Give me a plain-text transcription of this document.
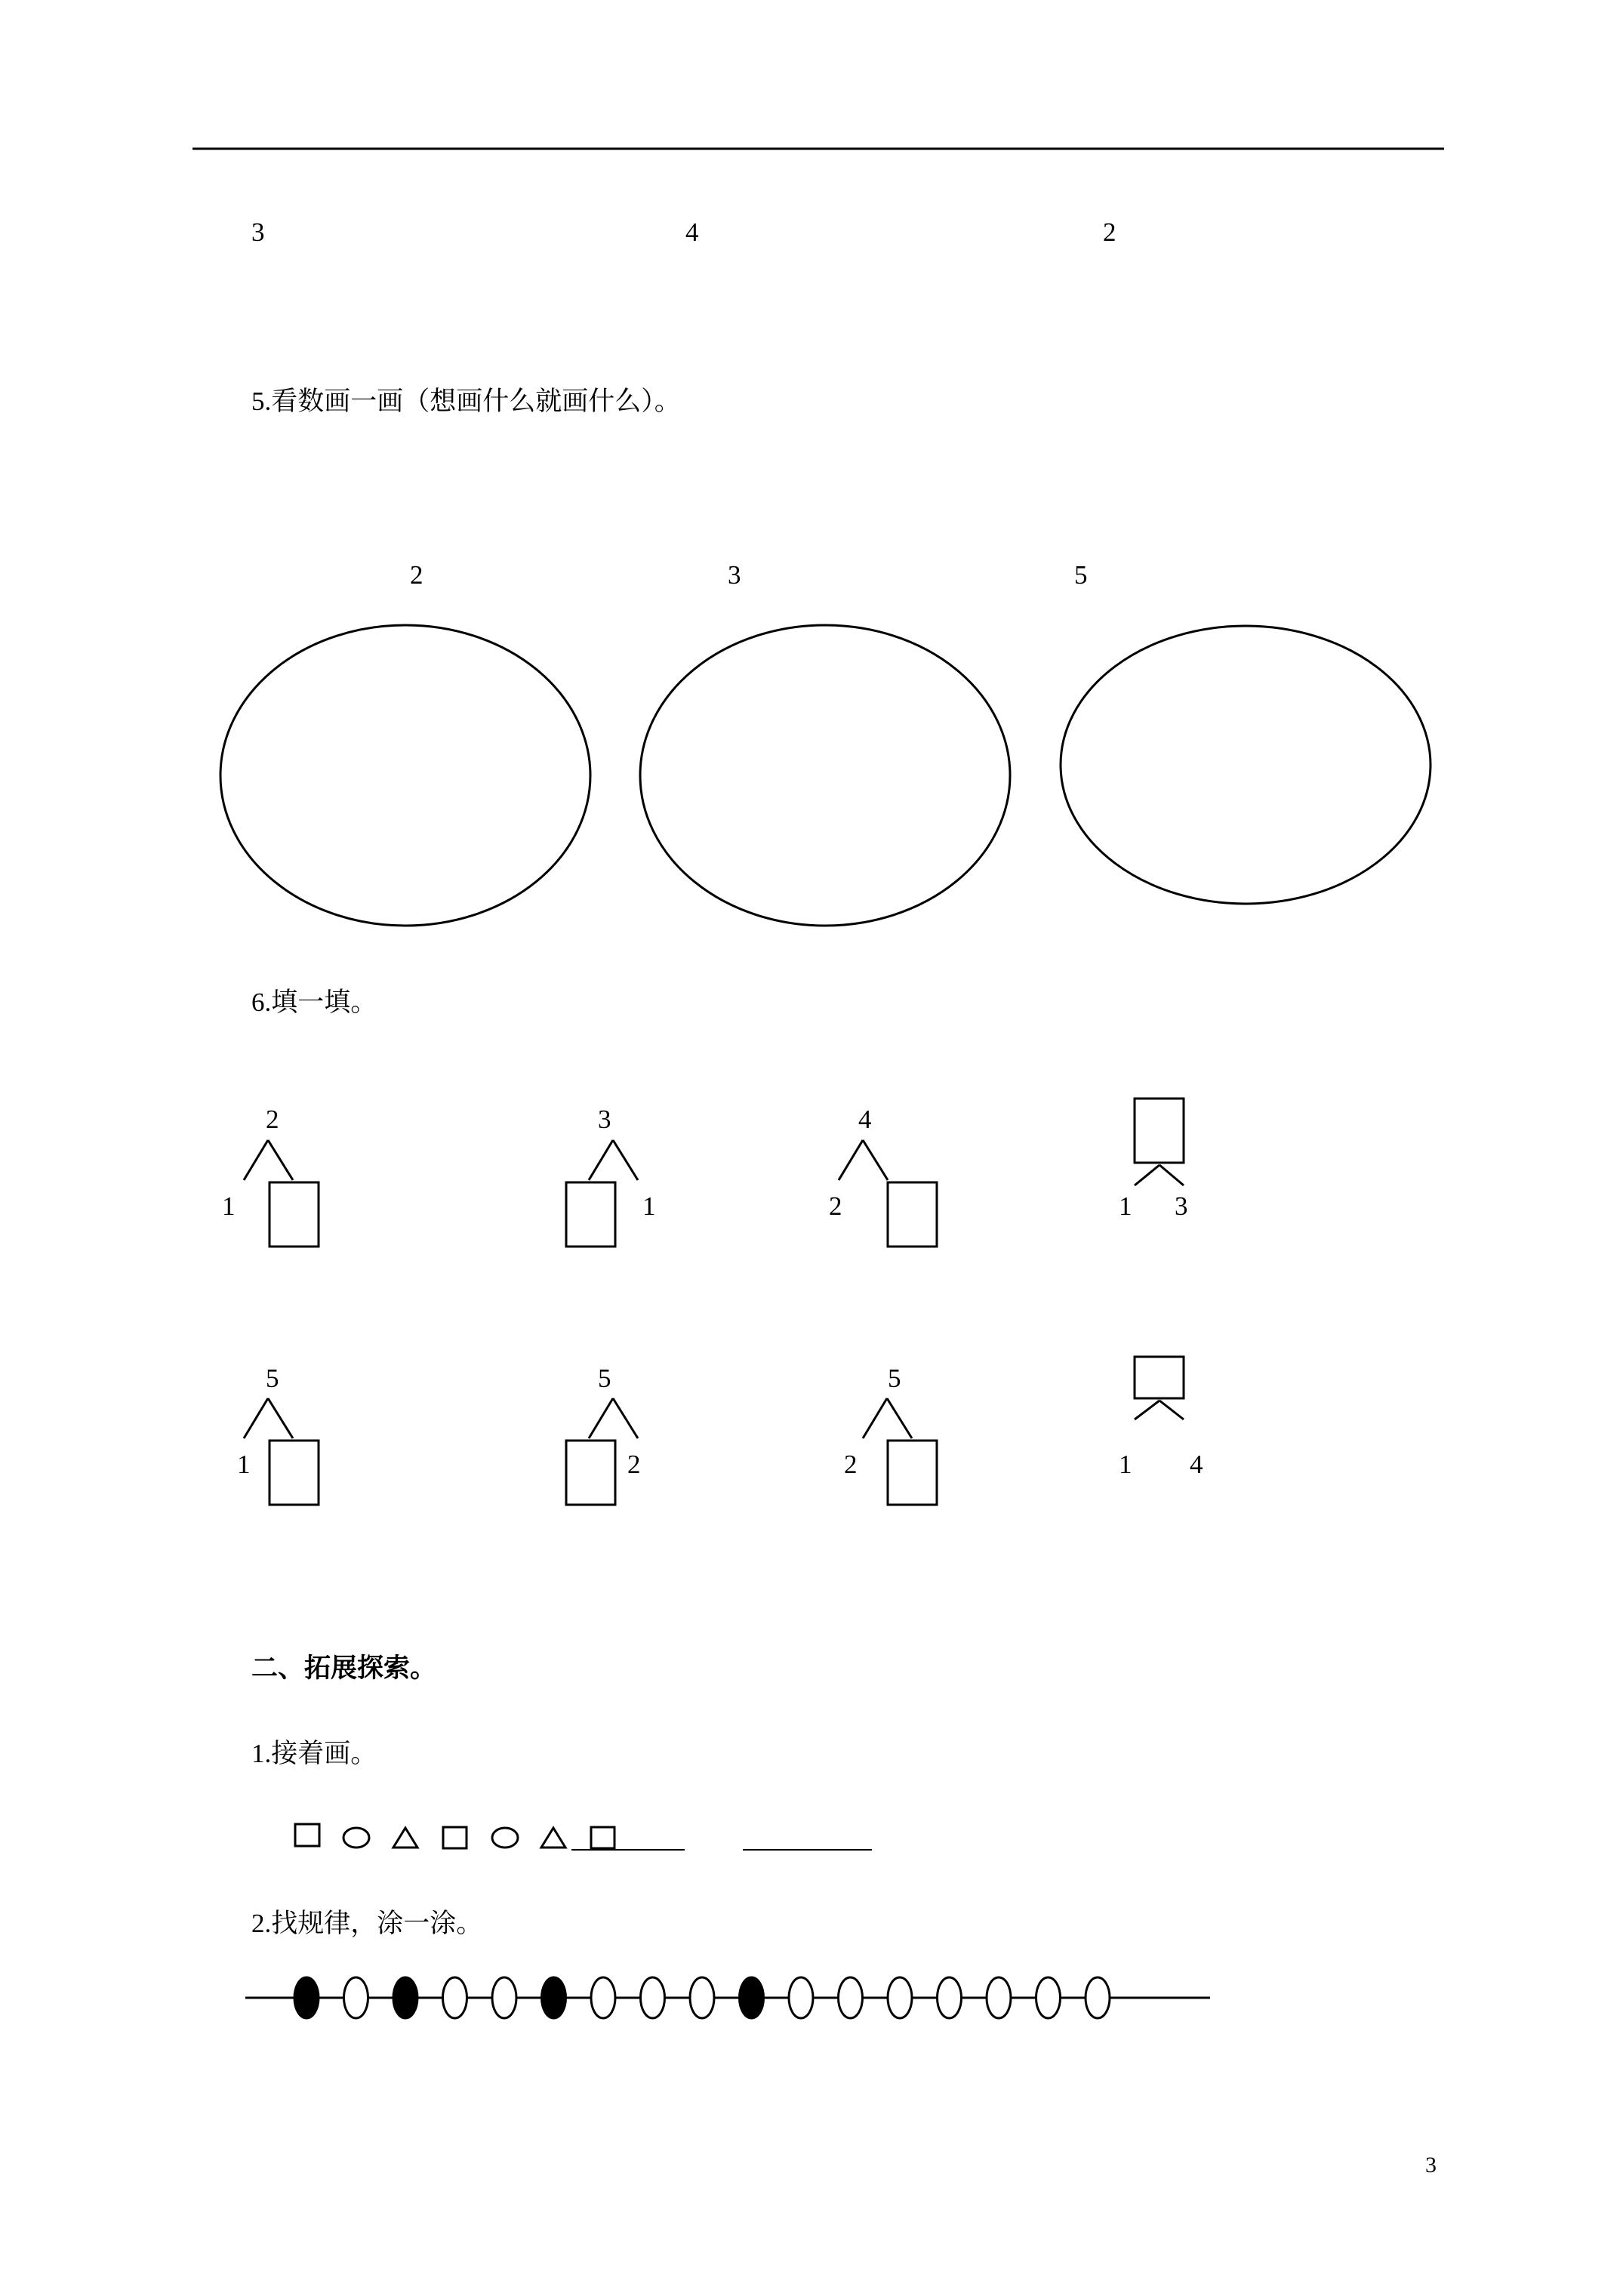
3	4	2
5.看数画一画（想画什么就画什么）。
2	3	5
6.填一填。
2
1
3
1
4
2	1 3
5
1
5
2
5
2	1 4
二、拓展探索。
1.接着画。
2.找规律，涂一涂。
3
